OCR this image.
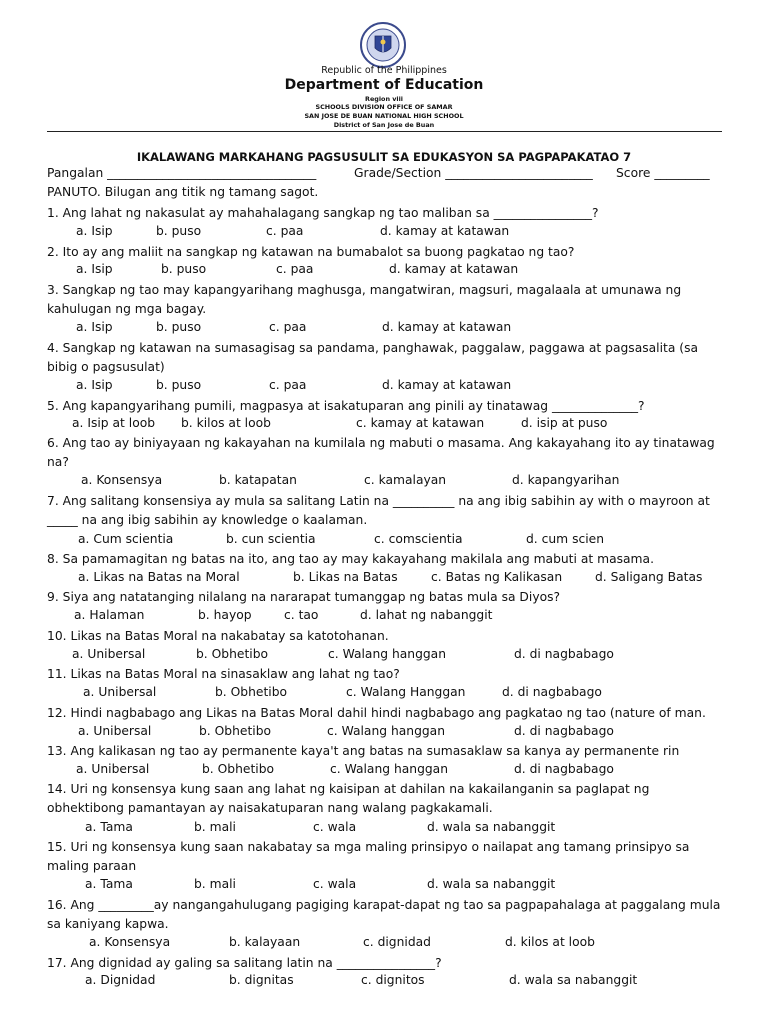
Republic of the Philippines
Department of Education
Region viii
SCHOOLS DIVISION OFFICE OF SAMAR
SAN JOSE DE BUAN NATIONAL HIGH SCHOOL
District of San Jose de Buan
IKALAWANG MARKAHANG PAGSUSULIT SA EDUKASYON SA PAGPAPAKATAO 7
Pangalan __________________________________	Grade/Section ________________________ Score _________
PANUTO. Bilugan ang titik ng tamang sagot.
1. Ang lahat ng nakasulat ay mahahalagang sangkap ng tao maliban sa ________________?
a. Isip	b. puso	c. paa	d. kamay at katawan
2. Ito ay ang maliit na sangkap ng katawan na bumabalot sa buong pagkatao ng tao?
a. Isip	b. puso	c. paa	d. kamay at katawan
3. Sangkap ng tao may kapangyarihang maghusga, mangatwiran, magsuri, magalaala at umunawa ng kahulugan ng mga bagay.
a. Isip	b. puso	c. paa	d. kamay at katawan
4. Sangkap ng katawan na sumasagisag sa pandama, panghawak, paggalaw, paggawa at pagsasalita (sa bibig o pagsusulat)
a. Isip	b. puso	c. paa	d. kamay at katawan
5. Ang kapangyarihang pumili, magpasya at isakatuparan ang pinili ay tinatawag ______________?
a. Isip at loob b. kilos at loob	c. kamay at katawan	d. isip at puso
6. Ang tao ay biniyayaan ng kakayahan na kumilala ng mabuti o masama. Ang kakayahang ito ay tinatawag na?
a. Konsensya	b. katapatan	c. kamalayan	d. kapangyarihan
7. Ang salitang konsensiya ay mula sa salitang Latin na __________ na ang ibig sabihin ay with o mayroon at _____ na ang ibig sabihin ay knowledge o kaalaman.
a. Cum scientia	b. cun scientia	c. comscientia	d. cum scien
8. Sa pamamagitan ng batas na ito, ang tao ay may kakayahang makilala ang mabuti at masama.
a. Likas na Batas na Moral	b. Likas na Batas	c. Batas ng Kalikasan	d. Saligang Batas
9. Siya ang natatanging nilalang na nararapat tumanggap ng batas mula sa Diyos?
a. Halaman	b. hayop	c. tao	d. lahat ng nabanggit
10. Likas na Batas Moral na nakabatay sa katotohanan.
a. Unibersal	b. Obhetibo	c. Walang hanggan	d. di nagbabago
11. Likas na Batas Moral na sinasaklaw ang lahat ng tao?
a. Unibersal	b. Obhetibo	c. Walang Hanggan	d. di nagbabago
12. Hindi nagbabago ang Likas na Batas Moral dahil hindi nagbabago ang pagkatao ng tao (nature of man.
a. Unibersal	b. Obhetibo	c. Walang hanggan	d. di nagbabago
13. Ang kalikasan ng tao ay permanente kaya't ang batas na sumasaklaw sa kanya ay permanente rin
a. Unibersal	b. Obhetibo	c. Walang hanggan	d. di nagbabago
14. Uri ng konsensya kung saan ang lahat ng kaisipan at dahilan na kakailanganin sa paglapat ng obhektibong pamantayan ay naisakatuparan nang walang pagkakamali.
a. Tama	b. mali	c. wala	d. wala sa nabanggit
15. Uri ng konsensya kung saan nakabatay sa mga maling prinsipyo o nailapat ang tamang prinsipyo sa maling paraan
a. Tama	b. mali	c. wala	d. wala sa nabanggit
16. Ang _________ay nangangahulugang pagiging karapat-dapat ng tao sa pagpapahalaga at paggalang mula sa kaniyang kapwa.
a. Konsensya	b. kalayaan	c. dignidad	d. kilos at loob
17. Ang dignidad ay galing sa salitang latin na ________________?
a. Dignidad	b. dignitas	c. dignitos	d. wala sa nabanggit
